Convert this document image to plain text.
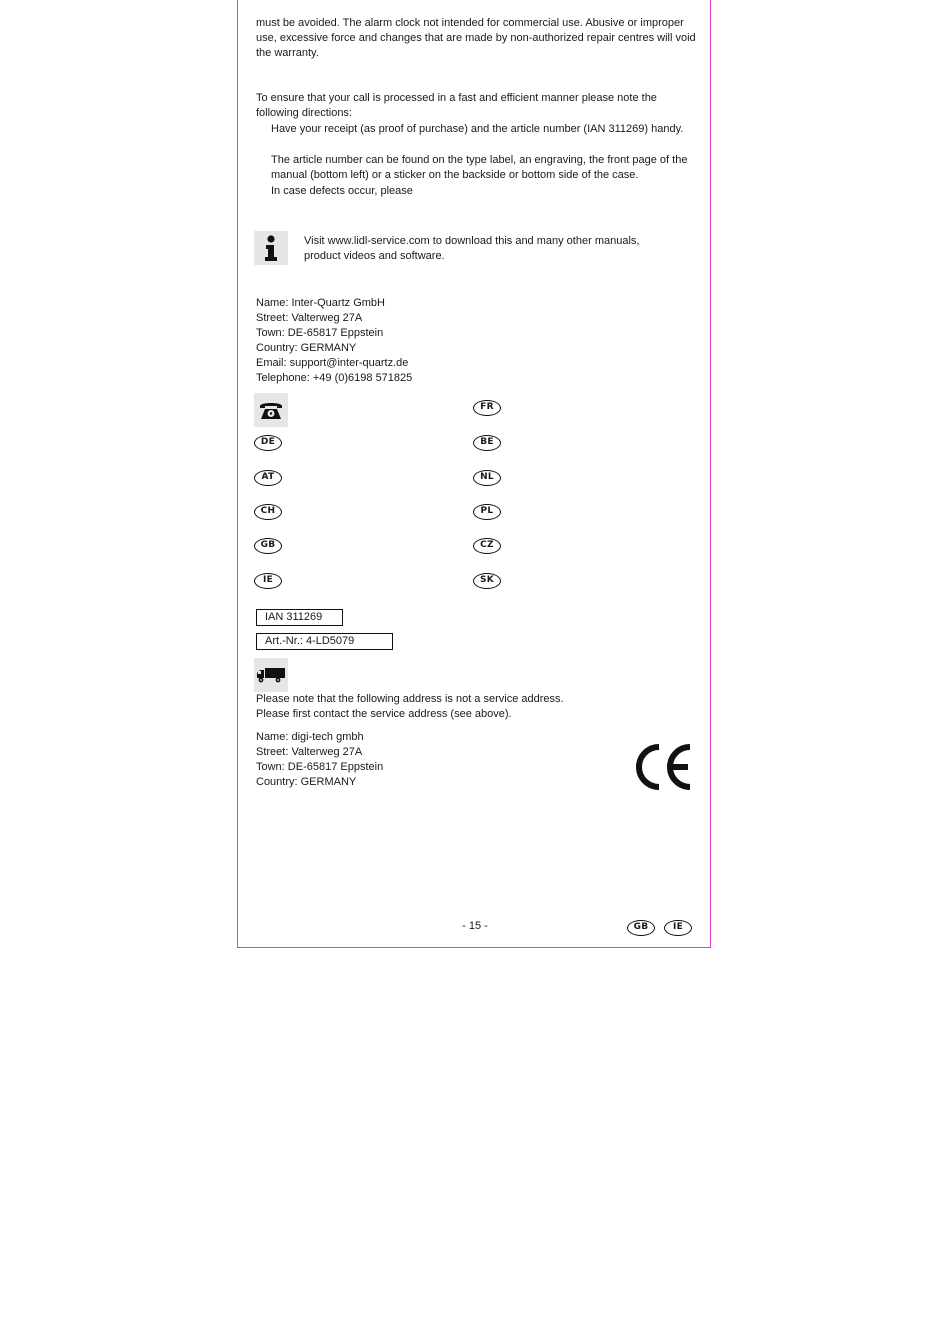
must be avoided. The alarm clock not intended for commercial use. Abusive or improper use, excessive force and changes that are made by non-authorized repair centres will void the warranty.
To ensure that your call is processed in a fast and efficient manner please note the following directions:
Have your receipt (as proof of purchase) and the article number (IAN 311269) handy.
The article number can be found on the type label, an engraving, the front page of the manual (bottom left) or a sticker on the backside or bottom side of the case.
In case defects occur, please
Visit www.lidl-service.com to download this and many other manuals, product videos and software.
Name: Inter-Quartz GmbH
Street: Valterweg 27A
Town: DE-65817 Eppstein
Country: GERMANY
Email: support@inter-quartz.de
Telephone: +49 (0)6198 571825
DE
AT
CH
GB
IE
FR
BE
NL
PL
CZ
SK
IAN 311269
Art.-Nr.: 4-LD5079
Please note that the following address is not a service address.
Please first contact the service address (see above).
Name: digi-tech gmbh
Street: Valterweg 27A
Town: DE-65817 Eppstein
Country: GERMANY
- 15 -	GB	IE
